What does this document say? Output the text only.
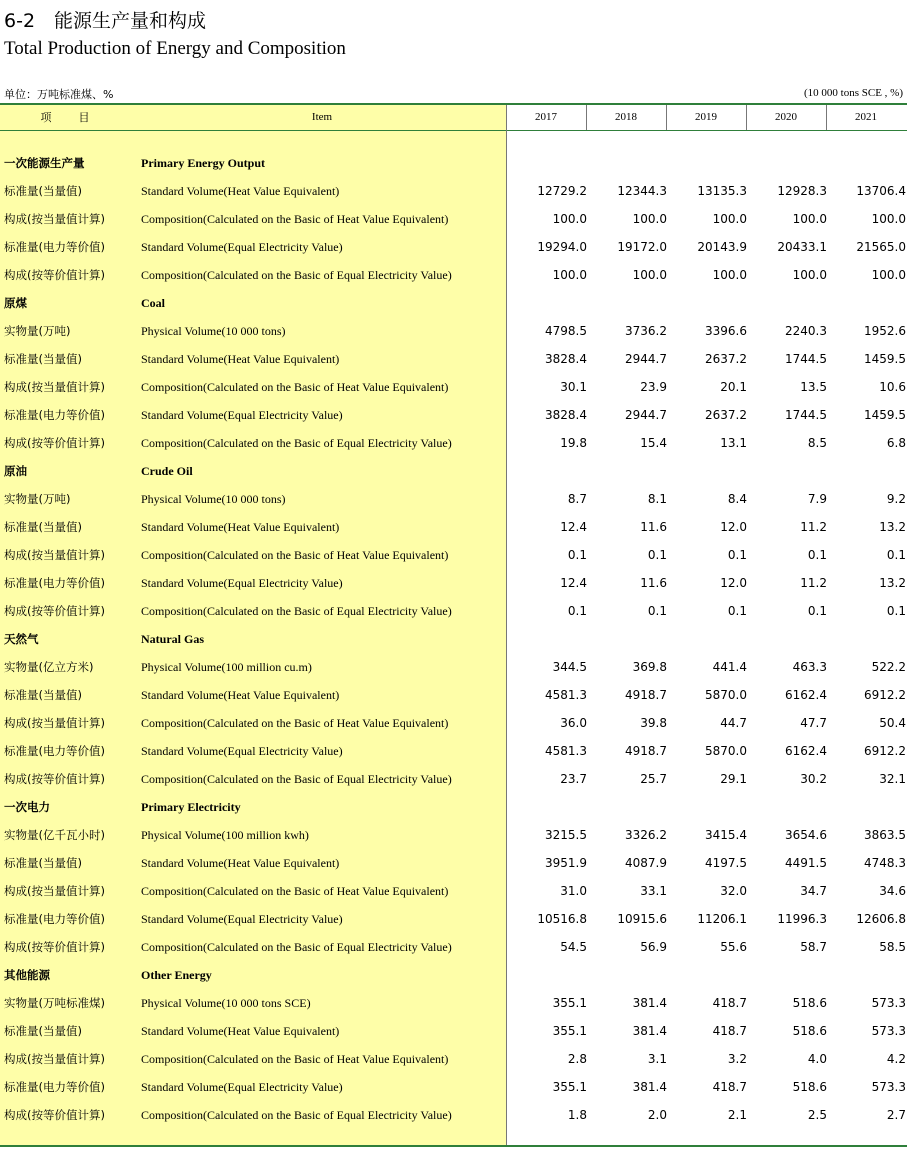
6-2　能源生产量和构成
Total Production of Energy and Composition
单位：万吨标准煤、%	(10 000 tons SCE , %)
项　目	Item	2017	2018	2019	2020	2021
一次能源生产量	Primary Energy Output
标准量(当量值)	Standard Volume(Heat Value Equivalent)	12729.2	12344.3	13135.3	12928.3	13706.4
构成(按当量值计算)	Composition(Calculated on the Basic of Heat Value Equivalent)	100.0	100.0	100.0	100.0	100.0
标准量(电力等价值)	Standard Volume(Equal Electricity Value)	19294.0	19172.0	20143.9	20433.1	21565.0
构成(按等价值计算)	Composition(Calculated on the Basic of Equal Electricity Value)	100.0	100.0	100.0	100.0	100.0
原煤	Coal
实物量(万吨)	Physical Volume(10 000 tons)	4798.5	3736.2	3396.6	2240.3	1952.6
标准量(当量值)	Standard Volume(Heat Value Equivalent)	3828.4	2944.7	2637.2	1744.5	1459.5
构成(按当量值计算)	Composition(Calculated on the Basic of Heat Value Equivalent)	30.1	23.9	20.1	13.5	10.6
标准量(电力等价值)	Standard Volume(Equal Electricity Value)	3828.4	2944.7	2637.2	1744.5	1459.5
构成(按等价值计算)	Composition(Calculated on the Basic of Equal Electricity Value)	19.8	15.4	13.1	8.5	6.8
原油	Crude Oil
实物量(万吨)	Physical Volume(10 000 tons)	8.7	8.1	8.4	7.9	9.2
标准量(当量值)	Standard Volume(Heat Value Equivalent)	12.4	11.6	12.0	11.2	13.2
构成(按当量值计算)	Composition(Calculated on the Basic of Heat Value Equivalent)	0.1	0.1	0.1	0.1	0.1
标准量(电力等价值)	Standard Volume(Equal Electricity Value)	12.4	11.6	12.0	11.2	13.2
构成(按等价值计算)	Composition(Calculated on the Basic of Equal Electricity Value)	0.1	0.1	0.1	0.1	0.1
天然气	Natural Gas
实物量(亿立方米)	Physical Volume(100 million cu.m)	344.5	369.8	441.4	463.3	522.2
标准量(当量值)	Standard Volume(Heat Value Equivalent)	4581.3	4918.7	5870.0	6162.4	6912.2
构成(按当量值计算)	Composition(Calculated on the Basic of Heat Value Equivalent)	36.0	39.8	44.7	47.7	50.4
标准量(电力等价值)	Standard Volume(Equal Electricity Value)	4581.3	4918.7	5870.0	6162.4	6912.2
构成(按等价值计算)	Composition(Calculated on the Basic of Equal Electricity Value)	23.7	25.7	29.1	30.2	32.1
一次电力	Primary Electricity
实物量(亿千瓦小时)	Physical Volume(100 million kwh)	3215.5	3326.2	3415.4	3654.6	3863.5
标准量(当量值)	Standard Volume(Heat Value Equivalent)	3951.9	4087.9	4197.5	4491.5	4748.3
构成(按当量值计算)	Composition(Calculated on the Basic of Heat Value Equivalent)	31.0	33.1	32.0	34.7	34.6
标准量(电力等价值)	Standard Volume(Equal Electricity Value)	10516.8	10915.6	11206.1	11996.3	12606.8
构成(按等价值计算)	Composition(Calculated on the Basic of Equal Electricity Value)	54.5	56.9	55.6	58.7	58.5
其他能源	Other Energy
实物量(万吨标准煤)	Physical Volume(10 000 tons SCE)	355.1	381.4	418.7	518.6	573.3
标准量(当量值)	Standard Volume(Heat Value Equivalent)	355.1	381.4	418.7	518.6	573.3
构成(按当量值计算)	Composition(Calculated on the Basic of Heat Value Equivalent)	2.8	3.1	3.2	4.0	4.2
标准量(电力等价值)	Standard Volume(Equal Electricity Value)	355.1	381.4	418.7	518.6	573.3
构成(按等价值计算)	Composition(Calculated on the Basic of Equal Electricity Value)	1.8	2.0	2.1	2.5	2.7
